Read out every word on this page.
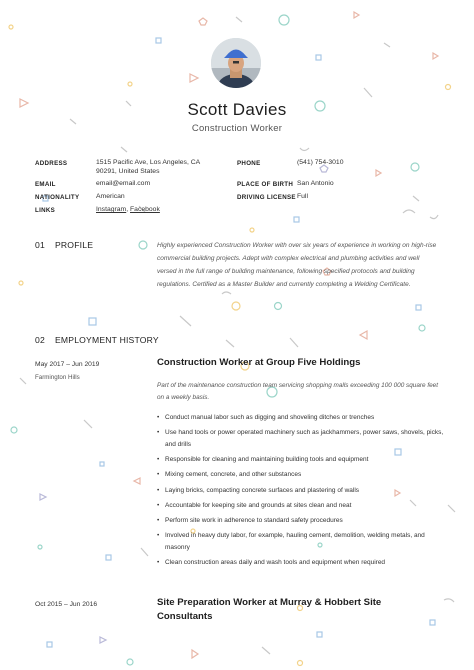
Scott Davies
Construction Worker
ADDRESS	1515 Pacific Ave, Los Angeles, CA 90291, United States
EMAIL	email@email.com
NATIONALITY American
LINKS	Instagram, Facebook
PHONE	(541) 754-3010
PLACE OF BIRTH San Antonio
DRIVING LICENSE Full
01 PROFILE	Highly experienced Construction Worker with over six years of experience in working on high-rise commercial building projects. Adept with complex electrical and plumbing activities and well versed in the full range of building maintenance, following specified protocols and building regulations. Certified as a Master Builder and currently completing a Welding Certificate.
02 EMPLOYMENT HISTORY
May 2017 – Jun 2019
Farmington Hills
Construction Worker at Group Five Holdings
Part of the maintenance construction team servicing shopping malls exceeding 100 000 square feet on a weekly basis.
• Conduct manual labor such as digging and shoveling ditches or trenches
• Use hand tools or power operated machinery such as jackhammers, power saws, shovels, picks, and drills
• Responsible for cleaning and maintaining building tools and equipment
• Mixing cement, concrete, and other substances
• Laying bricks, compacting concrete surfaces and plastering of walls
• Accountable for keeping site and grounds at sites clean and neat
• Perform site work in adherence to standard safety procedures
• Involved in heavy duty labor, for example, hauling cement, demolition, welding metals, and masonry
• Clean construction areas daily and wash tools and equipment when required
Oct 2015 – Jun 2016	Site Preparation Worker at Murray & Hobbert Site Consultants
